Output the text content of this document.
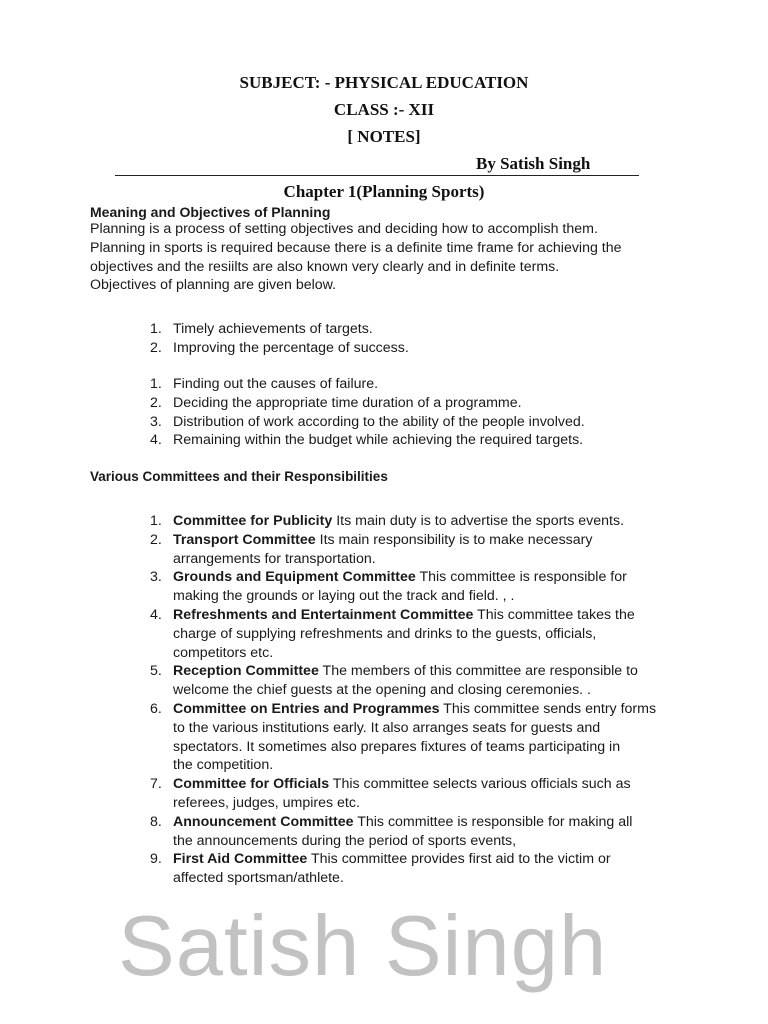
SUBJECT: - PHYSICAL EDUCATION
CLASS :- XII
[ NOTES]
By Satish Singh
Chapter 1(Planning Sports)
Meaning and Objectives of Planning

Planning is a process of setting objectives and deciding how to accomplish them.

Planning in sports is required because there is a definite time frame for achieving the

objectives and the resiilts are also known very clearly and in definite terms.

Objectives of planning are given below.

1. Timely achievements of targets.
2. Improving the percentage of success.
1. Finding out the causes of failure.
2. Deciding the appropriate time duration of a programme.
3. Distribution of work according to the ability of the people involved.
4. Remaining within the budget while achieving the required targets.
Various Committees and their Responsibilities
1. Committee for Publicity Its main duty is to advertise the sports events.
2. Transport Committee Its main responsibility is to make necessary
arrangements for transportation.
3. Grounds and Equipment Committee This committee is responsible for
making the grounds or laying out the track and field. , .
4. Refreshments and Entertainment Committee This committee takes the
charge of supplying refreshments and drinks to the guests, officials,
competitors etc.
5. Reception Committee The members of this committee are responsible to
welcome the chief guests at the opening and closing ceremonies. .
6. Committee on Entries and Programmes This committee sends entry forms
to the various institutions early. It also arranges seats for guests and
spectators. It sometimes also prepares fixtures of teams participating in
the competition.
7. Committee for Officials This committee selects various officials such as
referees, judges, umpires etc.
8. Announcement Committee This committee is responsible for making all
the announcements during the period of sports events,
9. First Aid Committee This committee provides first aid to the victim or
affected sportsman/athlete.
Satish Singh
